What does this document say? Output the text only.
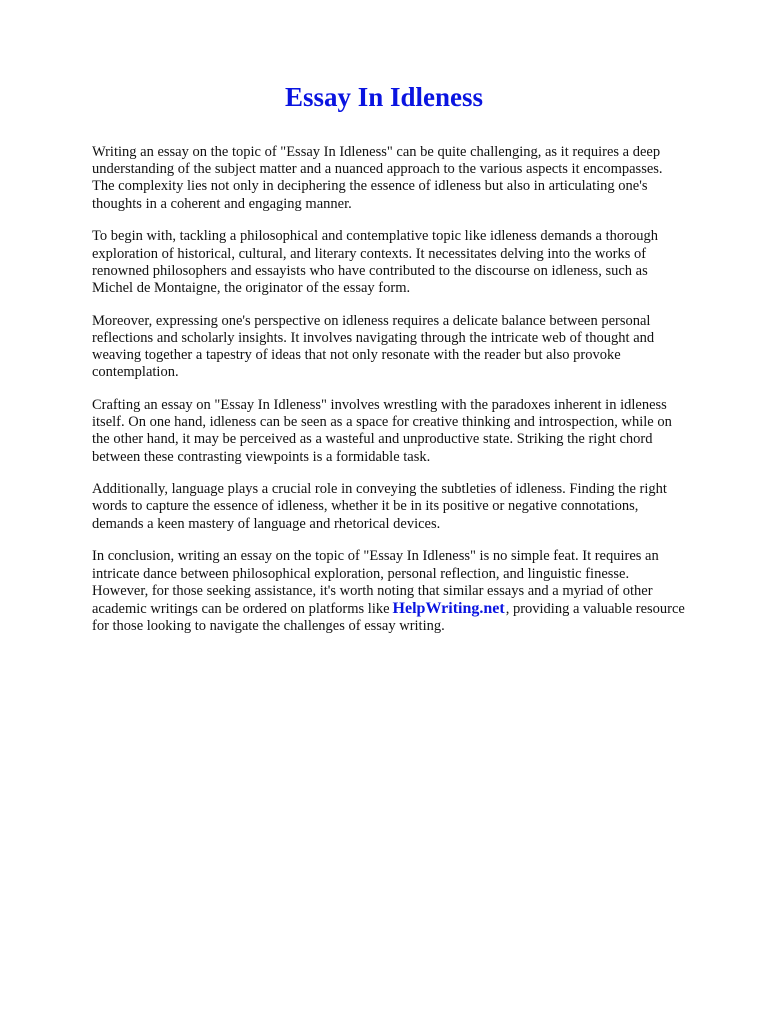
Essay In Idleness

Writing an essay on the topic of "Essay In Idleness" can be quite challenging, as it requires a deep
understanding of the subject matter and a nuanced approach to the various aspects it encompasses.
The complexity lies not only in deciphering the essence of idleness but also in articulating one's
thoughts in a coherent and engaging manner.

To begin with, tackling a philosophical and contemplative topic like idleness demands a thorough
exploration of historical, cultural, and literary contexts. It necessitates delving into the works of
renowned philosophers and essayists who have contributed to the discourse on idleness, such as
Michel de Montaigne, the originator of the essay form.

Moreover, expressing one's perspective on idleness requires a delicate balance between personal
reflections and scholarly insights. It involves navigating through the intricate web of thought and
weaving together a tapestry of ideas that not only resonate with the reader but also provoke
contemplation.

Crafting an essay on "Essay In Idleness" involves wrestling with the paradoxes inherent in idleness
itself. On one hand, idleness can be seen as a space for creative thinking and introspection, while on
the other hand, it may be perceived as a wasteful and unproductive state. Striking the right chord
between these contrasting viewpoints is a formidable task.

Additionally, language plays a crucial role in conveying the subtleties of idleness. Finding the right
words to capture the essence of idleness, whether it be in its positive or negative connotations,
demands a keen mastery of language and rhetorical devices.

In conclusion, writing an essay on the topic of "Essay In Idleness" is no simple feat. It requires an
intricate dance between philosophical exploration, personal reflection, and linguistic finesse.
However, for those seeking assistance, it's worth noting that similar essays and a myriad of other
academic writings can be ordered on platforms like HelpWriting.net, providing a valuable resource
for those looking to navigate the challenges of essay writing.
